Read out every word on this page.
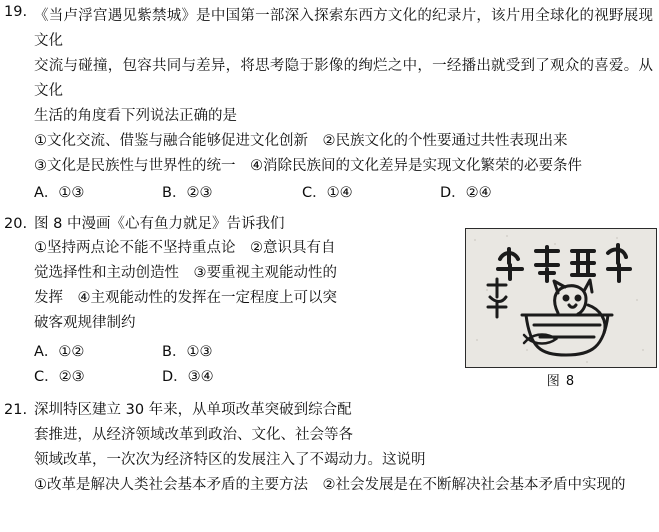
19. 《当卢浮宫遇见紫禁城》是中国第一部深入探索东西方文化的纪录片，该片用全球化的视野展现文化
交流与碰撞，包容共同与差异，将思考隐于影像的绚烂之中，一经播出就受到了观众的喜爱。从文化
生活的角度看下列说法正确的是
①文化交流、借鉴与融合能够促进文化创新　②民族文化的个性要通过共性表现出来
③文化是民族性与世界性的统一　④消除民族间的文化差异是实现文化繁荣的必要条件
A．①③	B．②③	C．①④	D．②④
20. 图 8 中漫画《心有鱼力就足》告诉我们
①坚持两点论不能不坚持重点论　②意识具有自
觉选择性和主动创造性　③要重视主观能动性的
发挥　④主观能动性的发挥在一定程度上可以突
破客观规律制约
图 8
A．①②	B．①③
C．②③	D．③④
21. 深圳特区建立 30 年来，从单项改革突破到综合配
套推进，从经济领域改革到政治、文化、社会等各
领域改革，一次次为经济特区的发展注入了不竭动力。这说明
①改革是解决人类社会基本矛盾的主要方法　②社会发展是在不断解决社会基本矛盾中实现的
